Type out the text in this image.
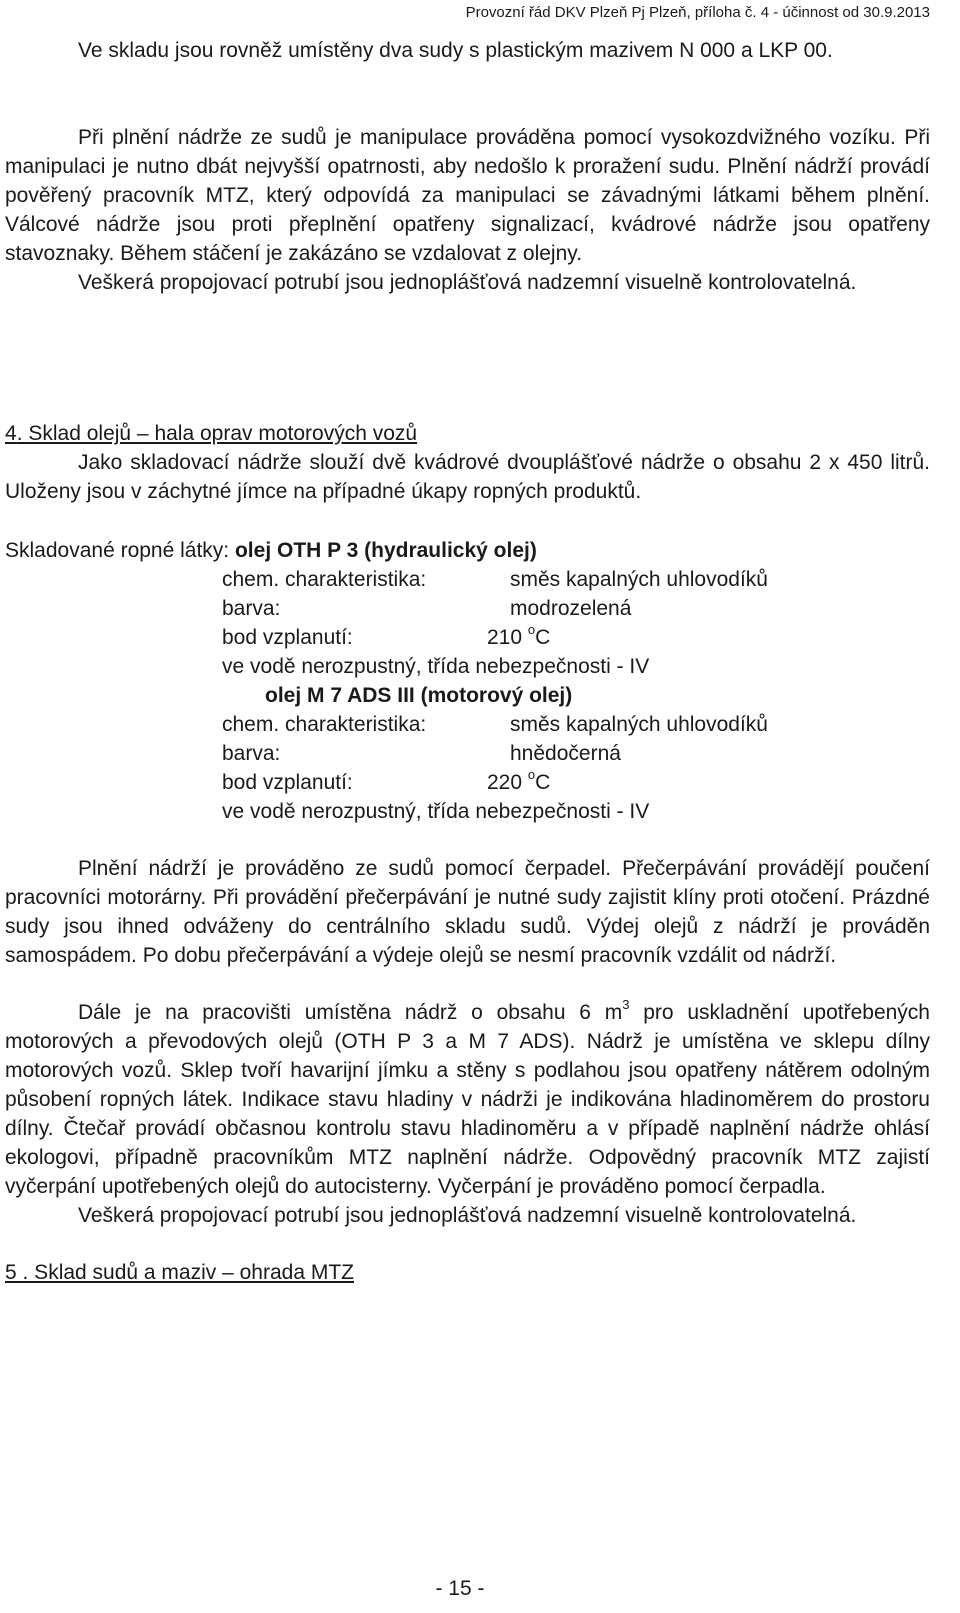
Provozní řád DKV Plzeň Pj Plzeň, příloha č. 4 - účinnost od 30.9.2013

Ve skladu jsou rovněž umístěny dva sudy s plastickým mazivem N 000 a LKP 00.

Při plnění nádrže ze sudů je manipulace prováděna pomocí vysokozdvižného vozíku. Při manipulaci je nutno dbát nejvyšší opatrnosti, aby nedošlo k proražení sudu. Plnění nádrží provádí pověřený pracovník MTZ, který odpovídá za manipulaci se závadnými látkami během plnění. Válcové nádrže jsou proti přeplnění opatřeny signalizací, kvádrové nádrže jsou opatřeny stavoznaky. Během stáčení je zakázáno se vzdalovat z olejny.

Veškerá propojovací potrubí jsou jednoplášťová nadzemní visuelně kontrolovatelná.

4. Sklad olejů – hala oprav motorových vozů

Jako skladovací nádrže slouží dvě kvádrové dvouplášťové nádrže o obsahu 2 x 450 litrů. Uloženy jsou v záchytné jímce na případné úkapy ropných produktů.

Skladované ropné látky: olej OTH P 3 (hydraulický olej)

chem. charakteristika:	směs kapalných uhlovodíků
barva:	modrozelená
bod vzplanutí:	210 $^o$C
ve vodě nerozpustný, třída nebezpečnosti - IV
olej M 7 ADS III (motorový olej)
chem. charakteristika:	směs kapalných uhlovodíků
barva:	hnědočerná
bod vzplanutí:	220 $^o$C
ve vodě nerozpustný, třída nebezpečnosti - IV

Plnění nádrží je prováděno ze sudů pomocí čerpadel. Přečerpávání provádějí poučení pracovníci motorárny. Při provádění přečerpávání je nutné sudy zajistit klíny proti otočení. Prázdné sudy jsou ihned odváženy do centrálního skladu sudů. Výdej olejů z nádrží je prováděn samospádem. Po dobu přečerpávání a výdeje olejů se nesmí pracovník vzdálit od nádrží.

Dále je na pracovišti umístěna nádrž o obsahu 6 $m^3$ pro uskladnění upotřebených motorových a převodových olejů (OTH P 3 a M 7 ADS). Nádrž je umístěna ve sklepu dílny motorových vozů. Sklep tvoří havarijní jímku a stěny s podlahou jsou opatřeny nátěrem odolným působení ropných látek. Indikace stavu hladiny v nádrži je indikována hladinoměrem do prostoru dílny. Čtečař provádí občasnou kontrolu stavu hladinoměru a v případě naplnění nádrže ohlásí ekologovi, případně pracovníkům MTZ naplnění nádrže. Odpovědný pracovník MTZ zajistí vyčerpání upotřebených olejů do autocisterny. Vyčerpání je prováděno pomocí čerpadla.

Veškerá propojovací potrubí jsou jednoplášťová nadzemní visuelně kontrolovatelná.

5 . Sklad sudů a maziv – ohrada MTZ

- 15 -
